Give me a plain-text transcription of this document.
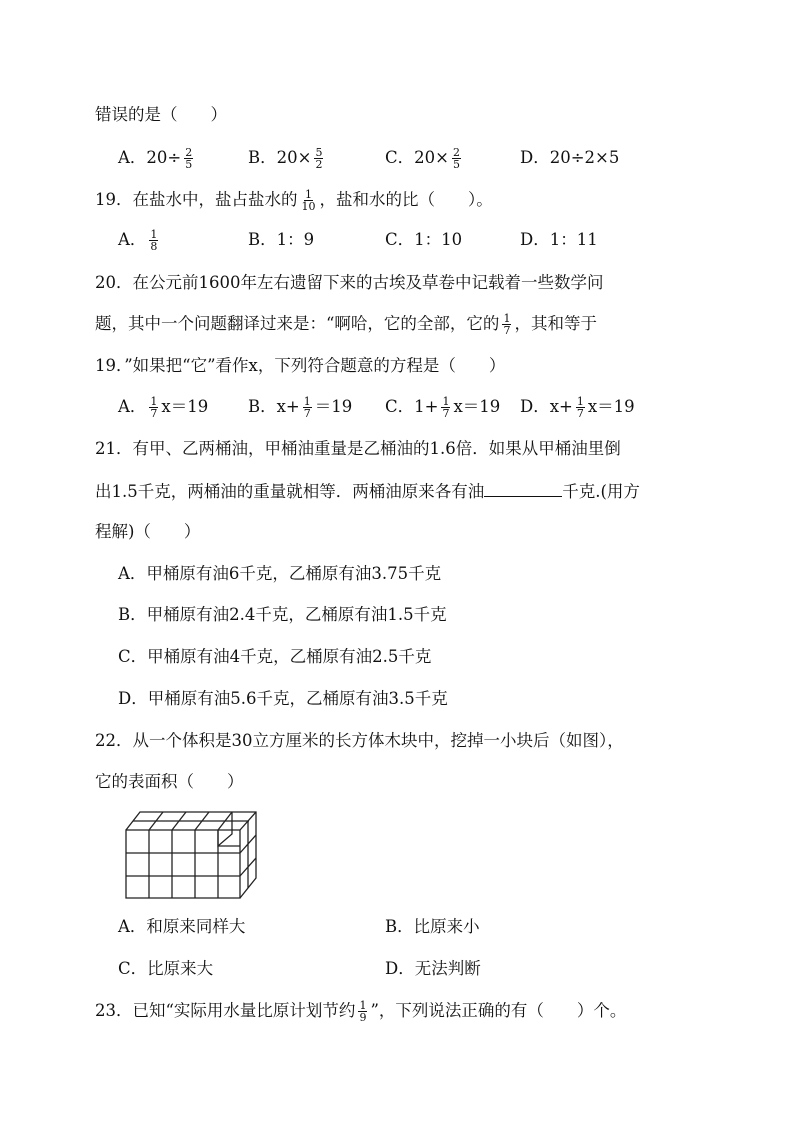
错误的是（　　）
A．$20\div \frac{2}{5}$	B．$20\times \frac{5}{2}$	C．$20\times \frac{2}{5}$	D．20÷2×5
19．在盐水中，盐占盐水的 $\frac{1}{10}$ ，盐和水的比（　　）。
A． $\frac{1}{8}$	B．1：9	C．1：10	D．1：11
20．在公元前1600年左右遗留下来的古埃及草卷中记载着一些数学问
题，其中一个问题翻译过来是：“啊哈，它的全部，它的 $\frac{1}{7}$ ，其和等于
19．”如果把“它”看作x，下列符合题意的方程是（　　）
A． $\frac{1}{7} x=19$ B．$x+ \frac{1}{7} =19$ C．$1+ \frac{1}{7} x=19$ D．$x+ \frac{1}{7} x=19$
21．有甲、乙两桶油，甲桶油重量是乙桶油的1.6倍．如果从甲桶油里倒
出1.5千克，两桶油的重量就相等．两桶油原来各有油	千克.(用方
程解)（　　）
A．甲桶原有油6千克，乙桶原有油3.75千克
B．甲桶原有油2.4千克，乙桶原有油1.5千克
C．甲桶原有油4千克，乙桶原有油2.5千克
D．甲桶原有油5.6千克，乙桶原有油3.5千克
22．从一个体积是30立方厘米的长方体木块中，挖掉一小块后（如图），
它的表面积（　　）
A．和原来同样大	B．比原来小
C．比原来大	D．无法判断
23．已知“实际用水量比原计划节约 $\frac{1}{9}$ ”，下列说法正确的有（　　）个。
